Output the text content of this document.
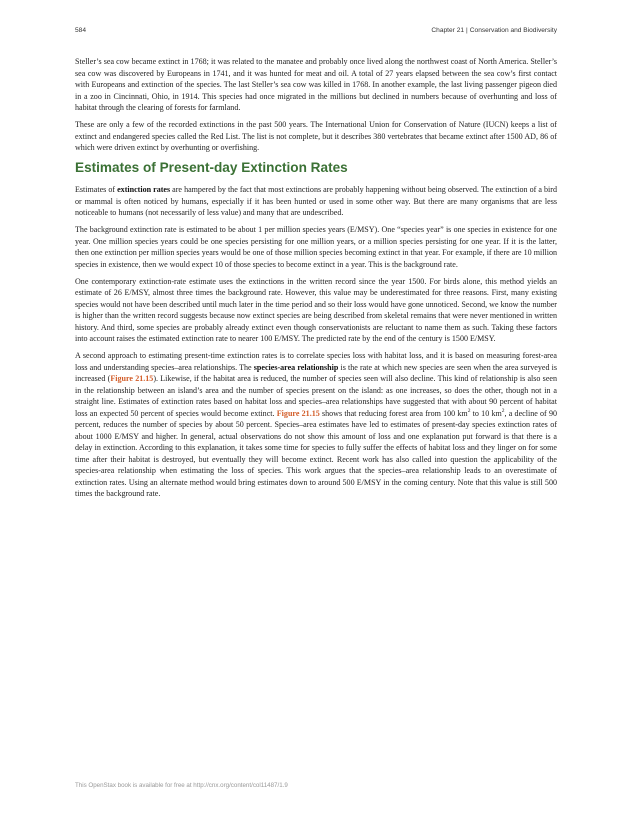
584	Chapter 21 | Conservation and Biodiversity

Steller’s sea cow became extinct in 1768; it was related to the manatee and probably once lived along the northwest coast of North America. Steller’s sea cow was discovered by Europeans in 1741, and it was hunted for meat and oil. A total of 27 years elapsed between the sea cow’s first contact with Europeans and extinction of the species. The last Steller’s sea cow was killed in 1768. In another example, the last living passenger pigeon died in a zoo in Cincinnati, Ohio, in 1914. This species had once migrated in the millions but declined in numbers because of overhunting and loss of habitat through the clearing of forests for farmland.

These are only a few of the recorded extinctions in the past 500 years. The International Union for Conservation of Nature (IUCN) keeps a list of extinct and endangered species called the Red List. The list is not complete, but it describes 380 vertebrates that became extinct after 1500 AD, 86 of which were driven extinct by overhunting or overfishing.

Estimates of Present-day Extinction Rates

Estimates of extinction rates are hampered by the fact that most extinctions are probably happening without being observed. The extinction of a bird or mammal is often noticed by humans, especially if it has been hunted or used in some other way. But there are many organisms that are less noticeable to humans (not necessarily of less value) and many that are undescribed.

The background extinction rate is estimated to be about 1 per million species years (E/MSY). One “species year” is one species in existence for one year. One million species years could be one species persisting for one million years, or a million species persisting for one year. If it is the latter, then one extinction per million species years would be one of those million species becoming extinct in that year. For example, if there are 10 million species in existence, then we would expect 10 of those species to become extinct in a year. This is the background rate.

One contemporary extinction-rate estimate uses the extinctions in the written record since the year 1500. For birds alone, this method yields an estimate of 26 E/MSY, almost three times the background rate. However, this value may be underestimated for three reasons. First, many existing species would not have been described until much later in the time period and so their loss would have gone unnoticed. Second, we know the number is higher than the written record suggests because now extinct species are being described from skeletal remains that were never mentioned in written history. And third, some species are probably already extinct even though conservationists are reluctant to name them as such. Taking these factors into account raises the estimated extinction rate to nearer 100 E/MSY. The predicted rate by the end of the century is 1500 E/MSY.

A second approach to estimating present-time extinction rates is to correlate species loss with habitat loss, and it is based on measuring forest-area loss and understanding species–area relationships. The species-area relationship is the rate at which new species are seen when the area surveyed is increased (Figure 21.15). Likewise, if the habitat area is reduced, the number of species seen will also decline. This kind of relationship is also seen in the relationship between an island’s area and the number of species present on the island: as one increases, so does the other, though not in a straight line. Estimates of extinction rates based on habitat loss and species–area relationships have suggested that with about 90 percent of habitat loss an expected 50 percent of species would become extinct. Figure 21.15 shows that reducing forest area from 100 $km^2$ to 10 $km^2$, a decline of 90 percent, reduces the number of species by about 50 percent. Species–area estimates have led to estimates of present-day species extinction rates of about 1000 E/MSY and higher. In general, actual observations do not show this amount of loss and one explanation put forward is that there is a delay in extinction. According to this explanation, it takes some time for species to fully suffer the effects of habitat loss and they linger on for some time after their habitat is destroyed, but eventually they will become extinct. Recent work has also called into question the applicability of the species-area relationship when estimating the loss of species. This work argues that the species–area relationship leads to an overestimate of extinction rates. Using an alternate method would bring estimates down to around 500 E/MSY in the coming century. Note that this value is still 500 times the background rate.

This OpenStax book is available for free at http://cnx.org/content/col11487/1.9
